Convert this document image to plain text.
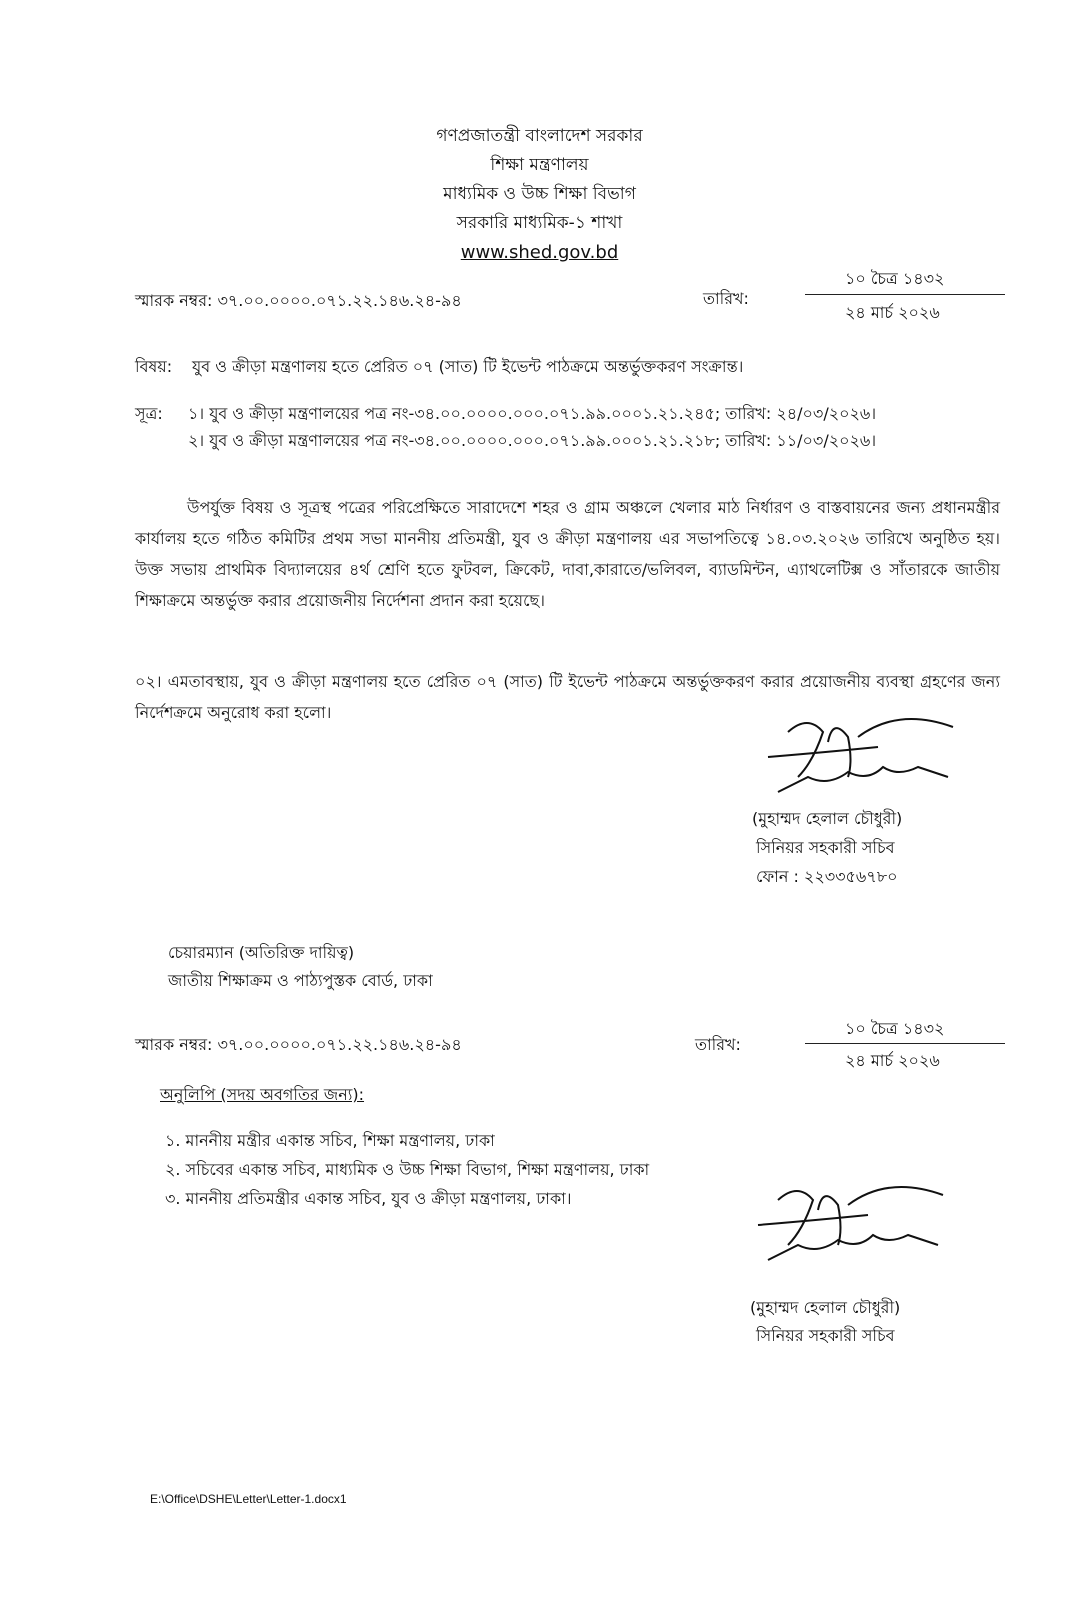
গণপ্রজাতন্ত্রী বাংলাদেশ সরকার
শিক্ষা মন্ত্রণালয়
মাধ্যমিক ও উচ্চ শিক্ষা বিভাগ
সরকারি মাধ্যমিক-১ শাখা
www.shed.gov.bd
স্মারক নম্বর: ৩৭.০০.০০০০.০৭১.২২.১৪৬.২৪-৯৪	তারিখ:
১০ চৈত্র ১৪৩২
২৪ মার্চ ২০২৬
বিষয়: যুব ও ক্রীড়া মন্ত্রণালয় হতে প্রেরিত ০৭ (সাত) টি ইভেন্ট পাঠক্রমে অন্তর্ভুক্তকরণ সংক্রান্ত।
সূত্র: ১। যুব ও ক্রীড়া মন্ত্রণালয়ের পত্র নং-৩৪.০০.০০০০.০০০.০৭১.৯৯.০০০১.২১.২৪৫; তারিখ: ২৪/০৩/২০২৬।
২। যুব ও ক্রীড়া মন্ত্রণালয়ের পত্র নং-৩৪.০০.০০০০.০০০.০৭১.৯৯.০০০১.২১.২১৮; তারিখ: ১১/০৩/২০২৬।
উপর্যুক্ত বিষয় ও সূত্রস্থ পত্রের পরিপ্রেক্ষিতে সারাদেশে শহর ও গ্রাম অঞ্চলে খেলার মাঠ নির্ধারণ ও বাস্তবায়নের জন্য প্রধানমন্ত্রীর কার্যালয় হতে গঠিত কমিটির প্রথম সভা মাননীয় প্রতিমন্ত্রী, যুব ও ক্রীড়া মন্ত্রণালয় এর সভাপতিত্বে ১৪.০৩.২০২৬ তারিখে অনুষ্ঠিত হয়। উক্ত সভায় প্রাথমিক বিদ্যালয়ের ৪র্থ শ্রেণি হতে ফুটবল, ক্রিকেট, দাবা,কারাতে/ভলিবল, ব্যাডমিন্টন, এ্যাথলেটিক্স ও সাঁতারকে জাতীয় শিক্ষাক্রমে অন্তর্ভুক্ত করার প্রয়োজনীয় নির্দেশনা প্রদান করা হয়েছে।
০২। এমতাবস্থায়, যুব ও ক্রীড়া মন্ত্রণালয় হতে প্রেরিত ০৭ (সাত) টি ইভেন্ট পাঠক্রমে অন্তর্ভুক্তকরণ করার প্রয়োজনীয় ব্যবস্থা গ্রহণের জন্য নির্দেশক্রমে অনুরোধ করা হলো।
(মুহাম্মদ হেলাল চৌধুরী)
সিনিয়র সহকারী সচিব
ফোন : ২২৩৩৫৬৭৮০
চেয়ারম্যান (অতিরিক্ত দায়িত্ব)
জাতীয় শিক্ষাক্রম ও পাঠ্যপুস্তক বোর্ড, ঢাকা
স্মারক নম্বর: ৩৭.০০.০০০০.০৭১.২২.১৪৬.২৪-৯৪	তারিখ:
১০ চৈত্র ১৪৩২
২৪ মার্চ ২০২৬
অনুলিপি (সদয় অবগতির জন্য):
১. মাননীয় মন্ত্রীর একান্ত সচিব, শিক্ষা মন্ত্রণালয়, ঢাকা
২. সচিবের একান্ত সচিব, মাধ্যমিক ও উচ্চ শিক্ষা বিভাগ, শিক্ষা মন্ত্রণালয়, ঢাকা
৩. মাননীয় প্রতিমন্ত্রীর একান্ত সচিব, যুব ও ক্রীড়া মন্ত্রণালয়, ঢাকা।
(মুহাম্মদ হেলাল চৌধুরী)
সিনিয়র সহকারী সচিব
E:\Office\DSHE\Letter\Letter-1.docx1
